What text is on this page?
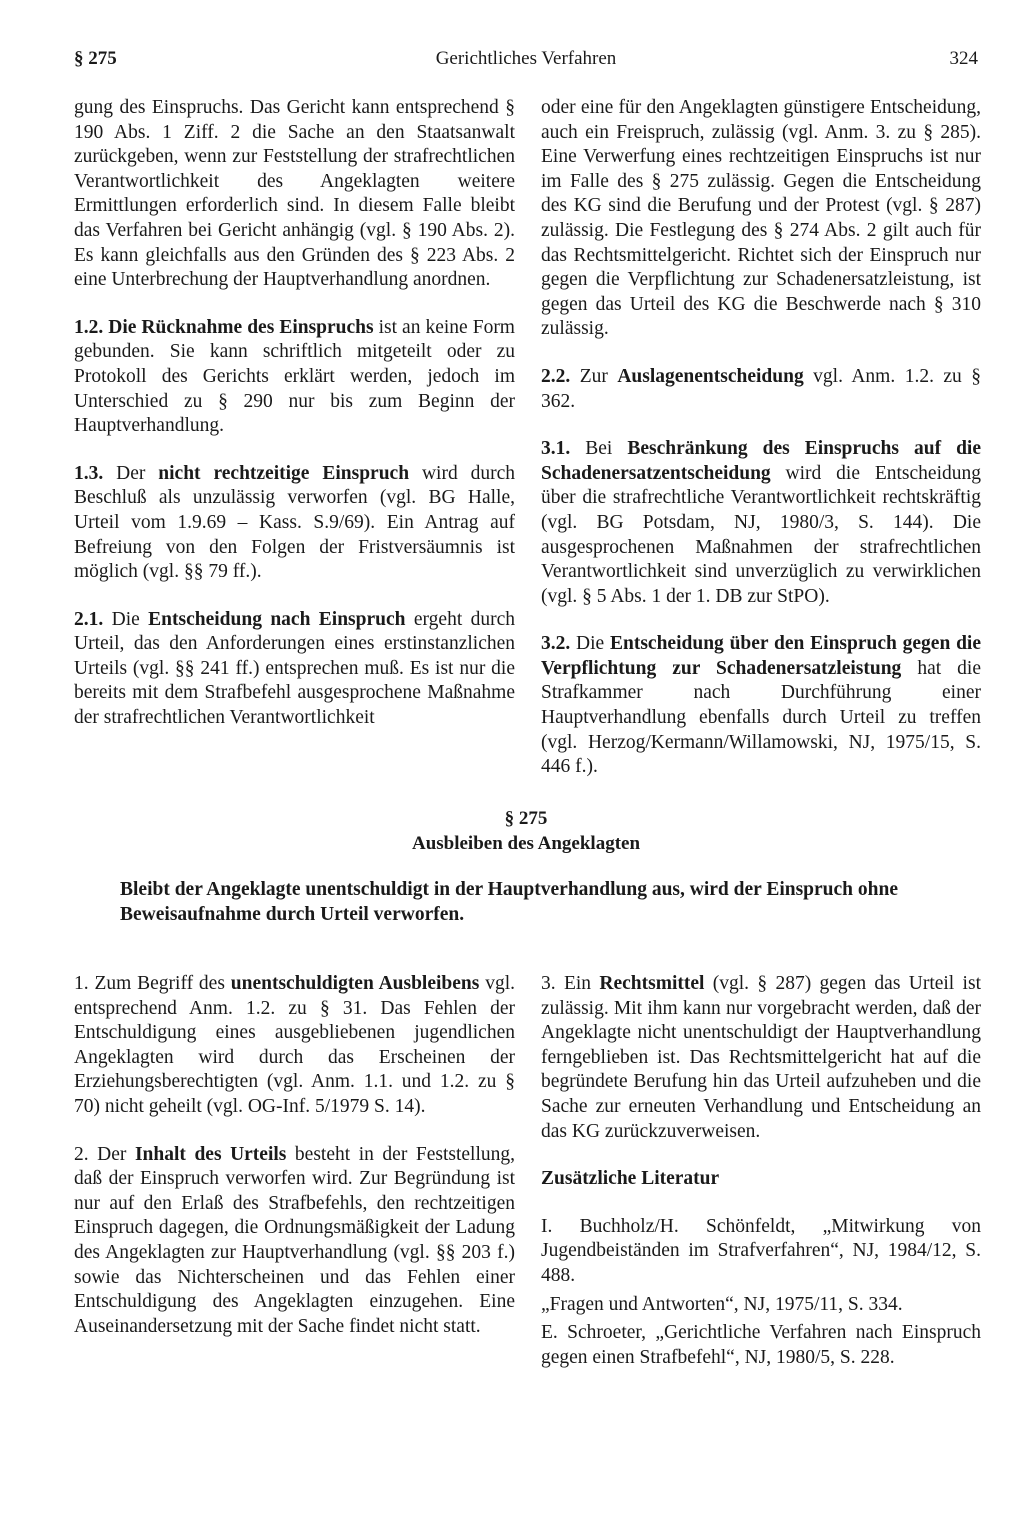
Gerichtliches Verfahren
§ 275	324

gung des Einspruchs. Das Gericht kann entsprechend § 190 Abs. 1 Ziff. 2 die Sache an den Staatsanwalt zurückgeben, wenn zur Feststellung der strafrechtlichen Verantwortlichkeit des Angeklagten weitere Ermittlungen erforderlich sind. In diesem Falle bleibt das Verfahren bei Gericht anhängig (vgl. § 190 Abs. 2). Es kann gleichfalls aus den Gründen des § 223 Abs. 2 eine Unterbrechung der Hauptverhandlung anordnen.

1.2. Die Rücknahme des Einspruchs ist an keine Form gebunden. Sie kann schriftlich mitgeteilt oder zu Protokoll des Gerichts erklärt werden, jedoch im Unterschied zu § 290 nur bis zum Beginn der Hauptverhandlung.

1.3. Der nicht rechtzeitige Einspruch wird durch Beschluß als unzulässig verworfen (vgl. BG Halle, Urteil vom 1.9.69 – Kass. S.9/69). Ein Antrag auf Befreiung von den Folgen der Fristversäumnis ist möglich (vgl. §§ 79 ff.).

2.1. Die Entscheidung nach Einspruch ergeht durch Urteil, das den Anforderungen eines erstinstanzlichen Urteils (vgl. §§ 241 ff.) entsprechen muß. Es ist nur die bereits mit dem Strafbefehl ausgesprochene Maßnahme der strafrechtlichen Verantwortlichkeit

oder eine für den Angeklagten günstigere Entscheidung, auch ein Freispruch, zulässig (vgl. Anm. 3. zu § 285). Eine Verwerfung eines rechtzeitigen Einspruchs ist nur im Falle des § 275 zulässig. Gegen die Entscheidung des KG sind die Berufung und der Protest (vgl. § 287) zulässig. Die Festlegung des § 274 Abs. 2 gilt auch für das Rechtsmittelgericht. Richtet sich der Einspruch nur gegen die Verpflichtung zur Schadenersatzleistung, ist gegen das Urteil des KG die Beschwerde nach § 310 zulässig.

2.2. Zur Auslagenentscheidung vgl. Anm. 1.2. zu § 362.

3.1. Bei Beschränkung des Einspruchs auf die Schadenersatzentscheidung wird die Entscheidung über die strafrechtliche Verantwortlichkeit rechtskräftig (vgl. BG Potsdam, NJ, 1980/3, S. 144). Die ausgesprochenen Maßnahmen der strafrechtlichen Verantwortlichkeit sind unverzüglich zu verwirklichen (vgl. § 5 Abs. 1 der 1. DB zur StPO).

3.2. Die Entscheidung über den Einspruch gegen die Verpflichtung zur Schadenersatzleistung hat die Strafkammer nach Durchführung einer Hauptverhandlung ebenfalls durch Urteil zu treffen (vgl. Herzog/Kermann/Willamowski, NJ, 1975/15, S. 446 f.).

§ 275
Ausbleiben des Angeklagten
Bleibt der Angeklagte unentschuldigt in der Hauptverhandlung aus, wird der Einspruch ohne Beweisaufnahme durch Urteil verworfen.

1. Zum Begriff des unentschuldigten Ausbleibens vgl. entsprechend Anm. 1.2. zu § 31. Das Fehlen der Entschuldigung eines ausgebliebenen jugendlichen Angeklagten wird durch das Erscheinen der Erziehungsberechtigten (vgl. Anm. 1.1. und 1.2. zu § 70) nicht geheilt (vgl. OG-Inf. 5/1979 S. 14).

2. Der Inhalt des Urteils besteht in der Feststellung, daß der Einspruch verworfen wird. Zur Begründung ist nur auf den Erlaß des Strafbefehls, den rechtzeitigen Einspruch dagegen, die Ordnungsmäßigkeit der Ladung des Angeklagten zur Hauptverhandlung (vgl. §§ 203 f.) sowie das Nichterscheinen und das Fehlen einer Entschuldigung des Angeklagten einzugehen. Eine Auseinandersetzung mit der Sache findet nicht statt.

3. Ein Rechtsmittel (vgl. § 287) gegen das Urteil ist zulässig. Mit ihm kann nur vorgebracht werden, daß der Angeklagte nicht unentschuldigt der Hauptverhandlung ferngeblieben ist. Das Rechtsmittelgericht hat auf die begründete Berufung hin das Urteil aufzuheben und die Sache zur erneuten Verhandlung und Entscheidung an das KG zurückzuverweisen.

Zusätzliche Literatur

I. Buchholz/H. Schönfeldt, „Mitwirkung von Jugendbeiständen im Strafverfahren“, NJ, 1984/12, S. 488.

„Fragen und Antworten“, NJ, 1975/11, S. 334.

E. Schroeter, „Gerichtliche Verfahren nach Einspruch gegen einen Strafbefehl“, NJ, 1980/5, S. 228.
